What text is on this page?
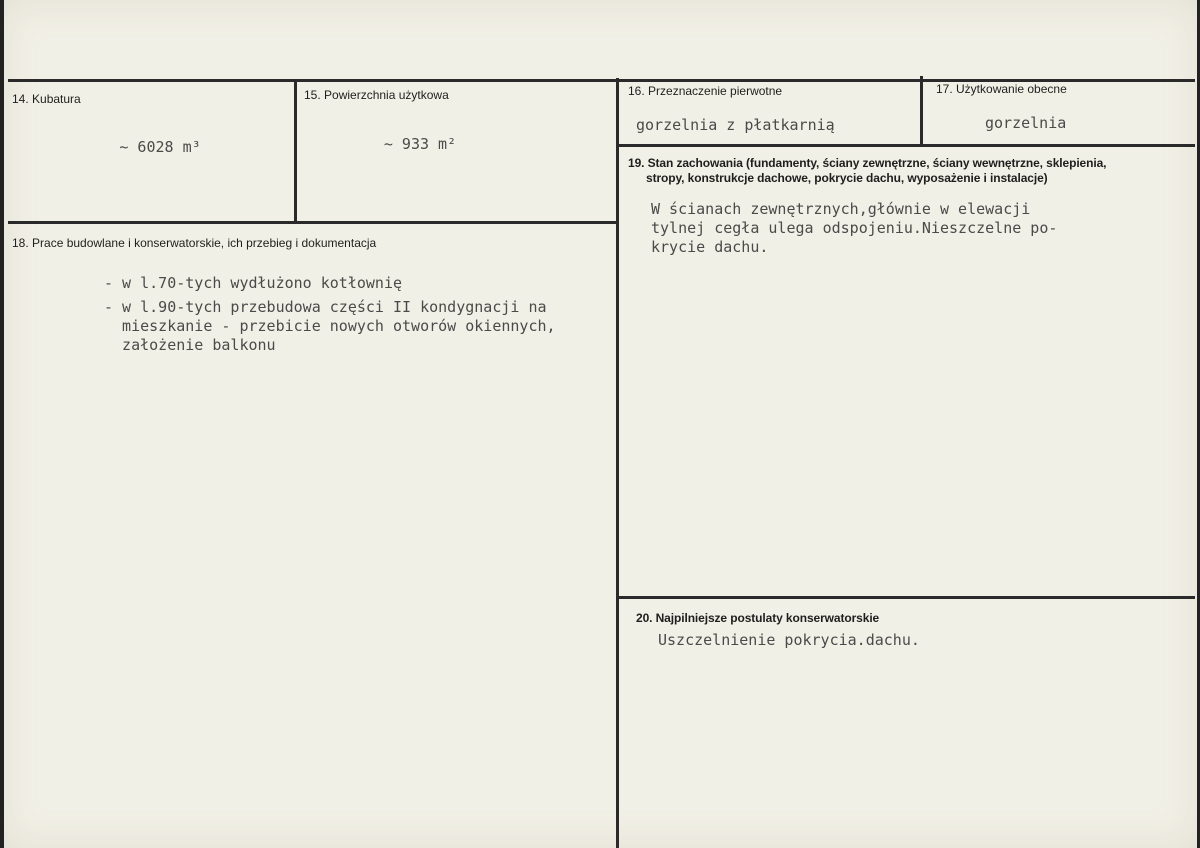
14. Kubatura
~ 6028 m³
15. Powierzchnia użytkowa
~ 933 m²
16. Przeznaczenie pierwotne
gorzelnia z płatkarnią
17. Użytkowanie obecne
gorzelnia
18. Prace budowlane i konserwatorskie, ich przebieg i dokumentacja
- w l.70-tych wydłużono kotłownię
- w l.90-tych przebudowa części II kondygnacji na
mieszkanie - przebicie nowych otworów okiennych,
założenie balkonu
19. Stan zachowania (fundamenty, ściany zewnętrzne, ściany wewnętrzne, sklepienia,
stropy, konstrukcje dachowe, pokrycie dachu, wyposażenie i instalacje)
W ścianach zewnętrznych,głównie w elewacji
tylnej cegła ulega odspojeniu.Nieszczelne po-
krycie dachu.
20. Najpilniejsze postulaty konserwatorskie
Uszczelnienie pokrycia.dachu.
